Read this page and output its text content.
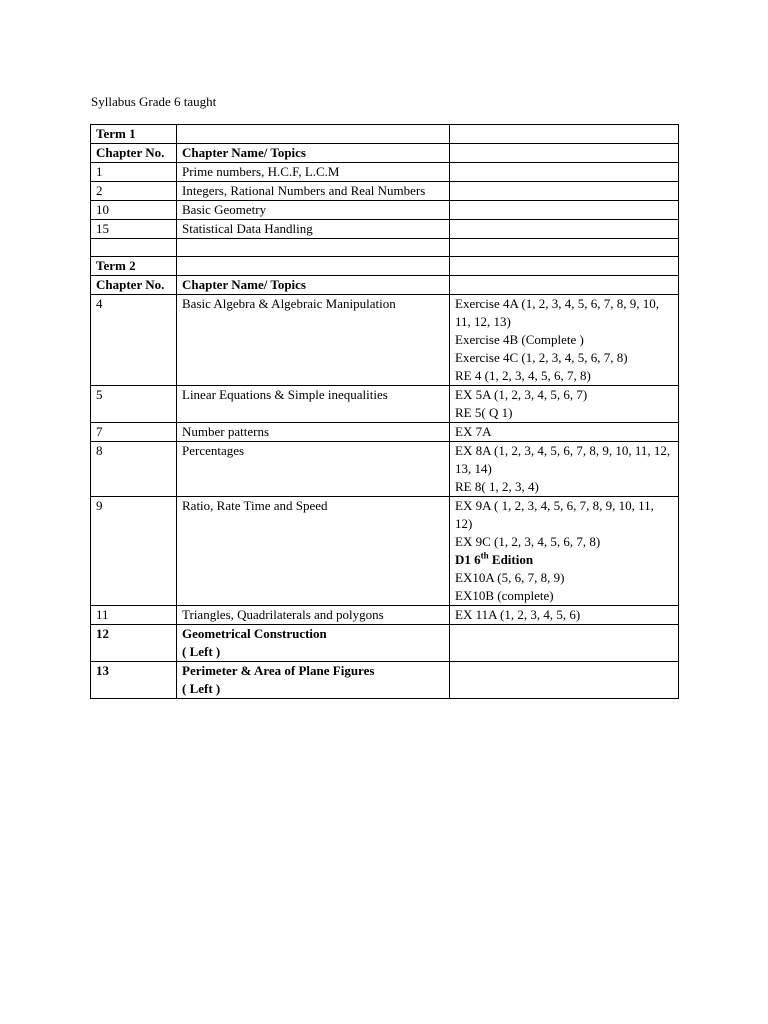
Syllabus Grade 6 taught
Term 1		
Chapter No.	Chapter Name/ Topics	
1	Prime numbers, H.C.F, L.C.M	
2	Integers, Rational Numbers and Real Numbers	
10	Basic Geometry	
15	Statistical Data Handling	

Term 2		
Chapter No.	Chapter Name/ Topics	
4	Basic Algebra & Algebraic Manipulation	Exercise 4A (1, 2, 3, 4, 5, 6, 7, 8, 9, 10, 11, 12, 13)
Exercise 4B (Complete )
Exercise 4C (1, 2, 3, 4, 5, 6, 7, 8)
RE 4 (1, 2, 3, 4, 5, 6, 7, 8)

5	Linear Equations & Simple inequalities	EX 5A (1, 2, 3, 4, 5, 6, 7)
RE 5( Q 1)

7	Number patterns	EX 7A

8	Percentages	EX 8A (1, 2, 3, 4, 5, 6, 7, 8, 9, 10, 11, 12, 13, 14)
RE 8( 1, 2, 3, 4)

9	Ratio, Rate Time and Speed	EX 9A ( 1, 2, 3, 4, 5, 6, 7, 8, 9, 10, 11, 12)
EX 9C (1, 2, 3, 4, 5, 6, 7, 8)
D1 6th Edition
EX10A (5, 6, 7, 8, 9)
EX10B (complete)

11	Triangles, Quadrilaterals and polygons	EX 11A (1, 2, 3, 4, 5, 6)

12	Geometrical Construction
( Left )	

13	Perimeter & Area of Plane Figures
( Left )	
